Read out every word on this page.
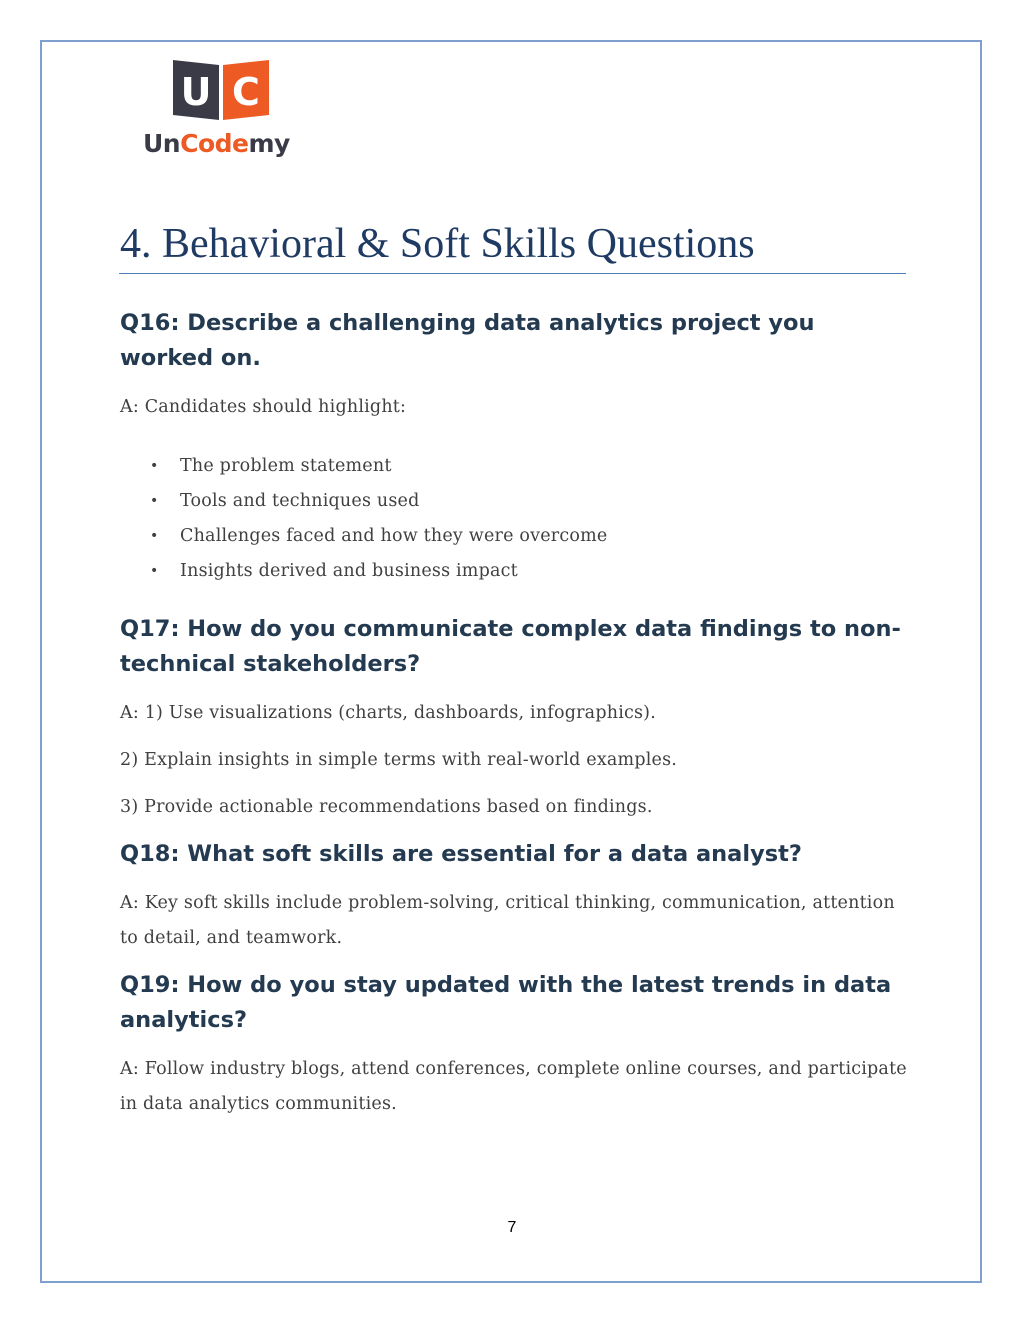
U · C
UnCodemy
4. Behavioral & Soft Skills Questions
Q16: Describe a challenging data analytics project you worked on.

A: Candidates should highlight:

• The problem statement
• Tools and techniques used
• Challenges faced and how they were overcome
• Insights derived and business impact
Q17: How do you communicate complex data findings to non-technical stakeholders?

A: 1) Use visualizations (charts, dashboards, infographics).

2) Explain insights in simple terms with real-world examples.

3) Provide actionable recommendations based on findings.

Q18: What soft skills are essential for a data analyst?

A: Key soft skills include problem-solving, critical thinking, communication, attention to detail, and teamwork.

Q19: How do you stay updated with the latest trends in data analytics?

A: Follow industry blogs, attend conferences, complete online courses, and participate in data analytics communities.

7
